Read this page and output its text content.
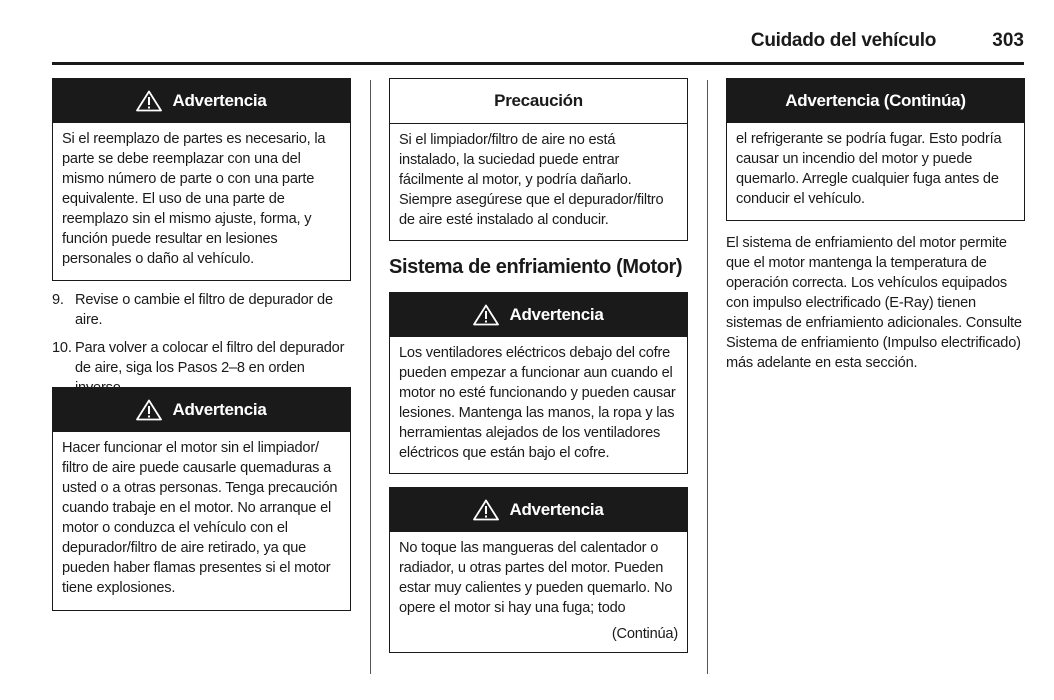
Cuidado del vehículo	303
Advertencia
Si el reemplazo de partes es necesario, la parte se debe reemplazar con una del mismo número de parte o con una parte equivalente. El uso de una parte de reemplazo sin el mismo ajuste, forma, y función puede resultar en lesiones personales o daño al vehículo.
9. Revise o cambie el filtro de depurador de aire.
10. Para volver a colocar el filtro del depurador de aire, siga los Pasos 2–8 en orden
Advertencia
Hacer funcionar el motor sin el limpiador/ filtro de aire puede causarle quemaduras a usted o a otras personas. Tenga precaución cuando trabaje en el motor. No arranque el motor o conduzca el vehículo con el depurador/filtro de aire retirado, ya que pueden haber flamas presentes si el motor tiene explosiones.
Precaución
Si el limpiador/filtro de aire no está instalado, la suciedad puede entrar fácilmente al motor, y podría dañarlo. Siempre asegúrese que el depurador/filtro de aire esté instalado al conducir.
Sistema de enfriamiento (Motor)
Advertencia
Los ventiladores eléctricos debajo del cofre pueden empezar a funcionar aun cuando el motor no esté funcionando y pueden causar lesiones. Mantenga las manos, la ropa y las herramientas alejados de los ventiladores eléctricos que están bajo el cofre.
Advertencia
No toque las mangueras del calentador o radiador, u otras partes del motor. Pueden estar muy calientes y pueden quemarlo. No opere el motor si hay una fuga; todo
(Continúa)
Advertencia (Continúa)
el refrigerante se podría fugar. Esto podría causar un incendio del motor y puede quemarlo. Arregle cualquier fuga antes de conducir el vehículo.
El sistema de enfriamiento del motor permite que el motor mantenga la temperatura de operación correcta. Los vehículos equipados con impulso electrificado (E-Ray) tienen sistemas de enfriamiento adicionales. Consulte Sistema de enfriamiento (Impulso electrificado) más adelante en esta sección.
